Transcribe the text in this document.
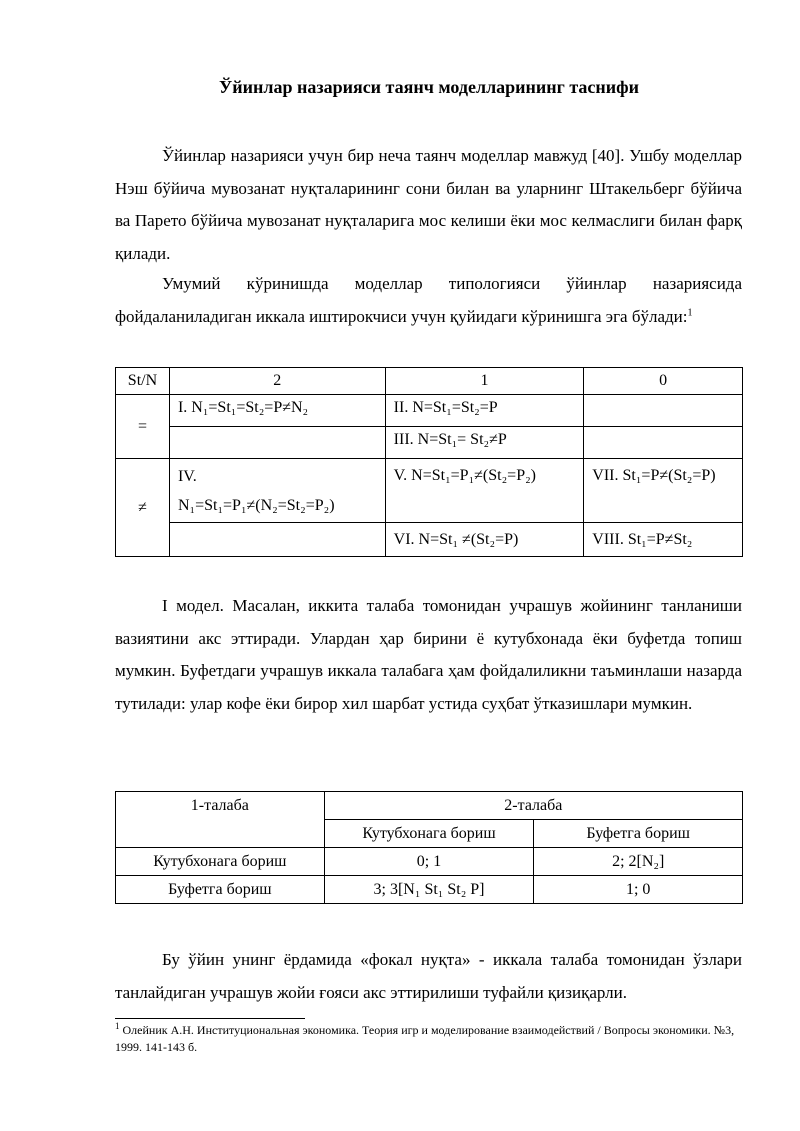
Ўйинлар назарияси таянч моделларининг таснифи
Ўйинлар назарияси учун бир неча таянч моделлар мавжуд [40]. Ушбу моделлар Нэш бўйича мувозанат нуқталарининг сони билан ва уларнинг Штакельберг бўйича ва Парето бўйича мувозанат нуқталарига мос келиши ёки мос келмаслиги билан фарқ қилади.
Умумий кўринишда моделлар типологияси ўйинлар назариясида фойдаланиладиган иккала иштирокчиси учун қуйидаги кўринишга эга бўлади:$^1$
St/N	2	1	0
=	I. N₁=St₁=St₂=P≠N₂	II. N=St₁=St₂=P	
		III. N=St₁= St₂≠P	
≠	IV.
N₁=St₁=P₁≠(N₂=St₂=P₂)	V. N=St₁=P₁≠(St₂=P₂)	VII. St₁=P≠(St₂=P)
		VI. N=St₁ ≠(St₂=P)	VIII. St₁=P≠St₂
I модел. Масалан, иккита талаба томонидан учрашув жойининг танланиши вазиятини акс эттиради. Улардан ҳар бирини ё кутубхонада ёки буфетда топиш мумкин. Буфетдаги учрашув иккала талабага ҳам фойдалиликни таъминлаши назарда тутилади: улар кофе ёки бирор хил шарбат устида суҳбат ўтказишлари мумкин.
1-талаба	2-талаба	
	Кутубхонага бориш	Буфетга бориш
Кутубхонага бориш	0; 1	2; 2[N₂]
Буфетга бориш	3; 3[N₁ St₁ St₂ P]	1; 0
Бу ўйин унинг ёрдамида «фокал нуқта» - иккала талаба томонидан ўзлари танлайдиган учрашув жойи ғояси акс эттирилиши туфайли қизиқарли.
$^1$ Олейник А.Н. Институциональная экономика. Теория игр и моделирование взаимодействий / Вопросы экономики. №3, 1999. 141-143 б.
